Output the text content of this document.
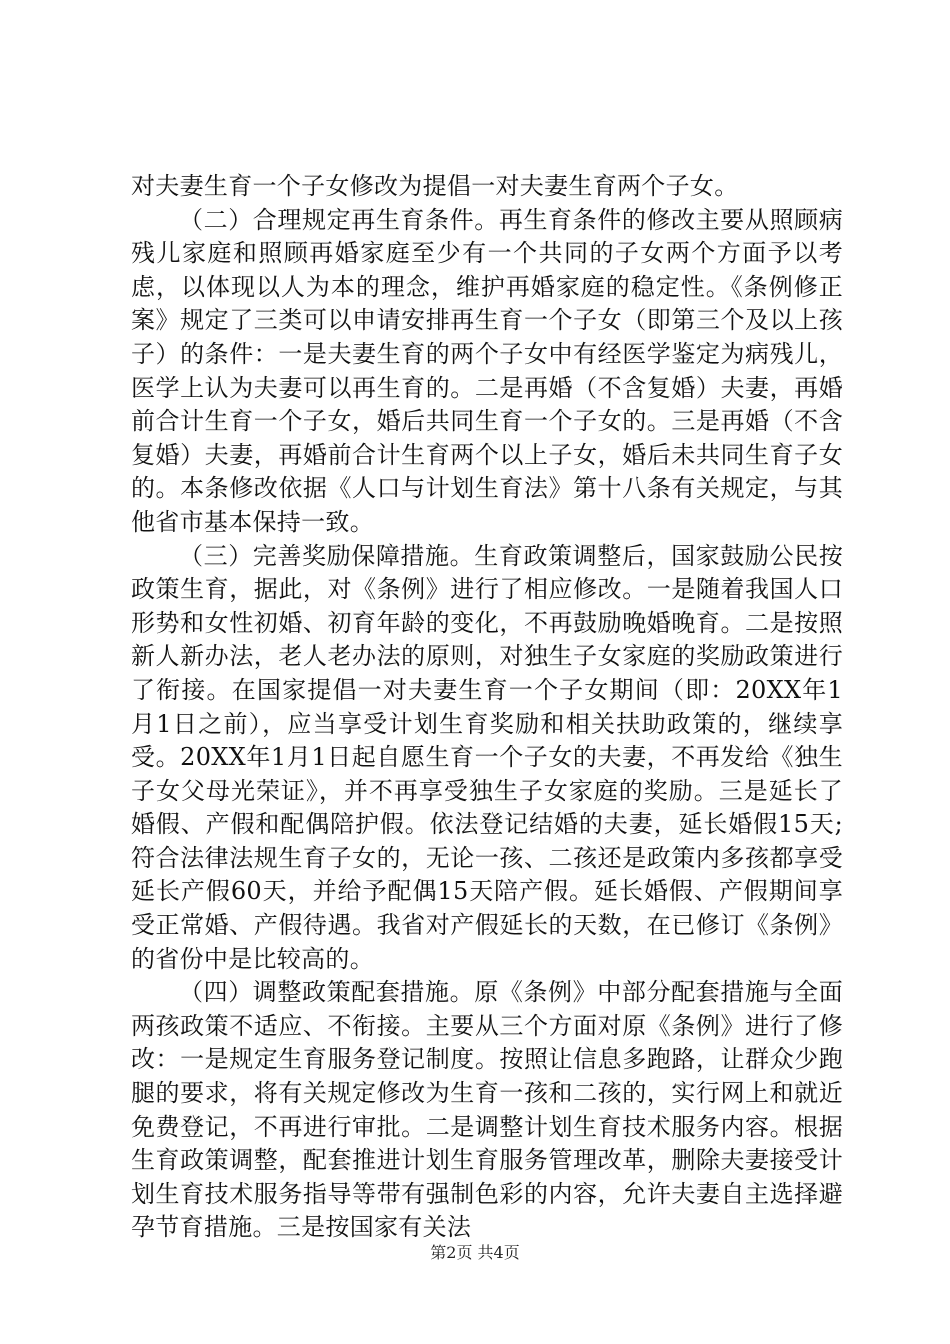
对夫妻生育一个子女修改为提倡一对夫妻生育两个子女。

（二）合理规定再生育条件。再生育条件的修改主要从照顾病残儿家庭和照顾再婚家庭至少有一个共同的子女两个方面予以考虑，以体现以人为本的理念，维护再婚家庭的稳定性。《条例修正案》规定了三类可以申请安排再生育一个子女（即第三个及以上孩子）的条件：一是夫妻生育的两个子女中有经医学鉴定为病残儿，医学上认为夫妻可以再生育的。二是再婚（不含复婚）夫妻，再婚前合计生育一个子女，婚后共同生育一个子女的。三是再婚（不含复婚）夫妻，再婚前合计生育两个以上子女，婚后未共同生育子女的。本条修改依据《人口与计划生育法》第十八条有关规定，与其他省市基本保持一致。

（三）完善奖励保障措施。生育政策调整后，国家鼓励公民按政策生育，据此，对《条例》进行了相应修改。一是随着我国人口形势和女性初婚、初育年龄的变化，不再鼓励晚婚晚育。二是按照新人新办法，老人老办法的原则，对独生子女家庭的奖励政策进行了衔接。在国家提倡一对夫妻生育一个子女期间（即：20XX年1月1日之前），应当享受计划生育奖励和相关扶助政策的，继续享受。20XX年1月1日起自愿生育一个子女的夫妻，不再发给《独生子女父母光荣证》，并不再享受独生子女家庭的奖励。三是延长了婚假、产假和配偶陪护假。依法登记结婚的夫妻，延长婚假15天;符合法律法规生育子女的，无论一孩、二孩还是政策内多孩都享受延长产假60天，并给予配偶15天陪产假。延长婚假、产假期间享受正常婚、产假待遇。我省对产假延长的天数，在已修订《条例》的省份中是比较高的。

（四）调整政策配套措施。原《条例》中部分配套措施与全面两孩政策不适应、不衔接。主要从三个方面对原《条例》进行了修改：一是规定生育服务登记制度。按照让信息多跑路，让群众少跑腿的要求，将有关规定修改为生育一孩和二孩的，实行网上和就近免费登记，不再进行审批。二是调整计划生育技术服务内容。根据生育政策调整，配套推进计划生育服务管理改革，删除夫妻接受计划生育技术服务指导等带有强制色彩的内容，允许夫妻自主选择避孕节育措施。三是按国家有关法

第2页 共4页
